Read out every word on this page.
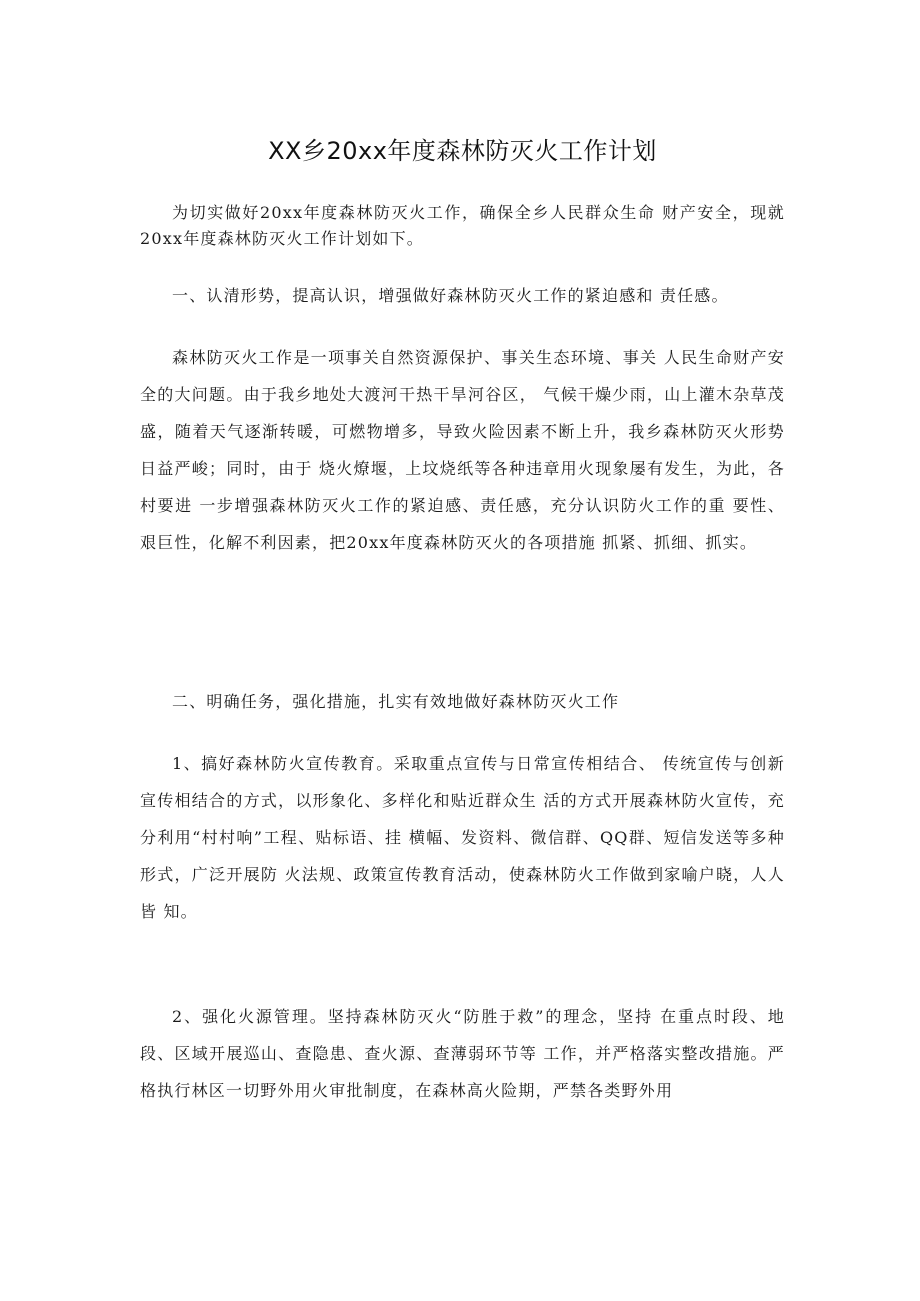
XX乡20xx年度森林防灭火工作计划

为切实做好20xx年度森林防灭火工作，确保全乡人民群众生命 财产安全，现就20xx年度森林防灭火工作计划如下。

一、认清形势，提高认识，增强做好森林防灭火工作的紧迫感和 责任感。

森林防灭火工作是一项事关自然资源保护、事关生态环境、事关 人民生命财产安全的大问题。由于我乡地处大渡河干热干旱河谷区， 气候干燥少雨，山上灌木杂草茂盛，随着天气逐渐转暖，可燃物增多，导致火险因素不断上升，我乡森林防灭火形势日益严峻；同时，由于 烧火燎堰，上坟烧纸等各种违章用火现象屡有发生，为此，各村要进 一步增强森林防灭火工作的紧迫感、责任感，充分认识防火工作的重 要性、艰巨性，化解不利因素，把20xx年度森林防灭火的各项措施 抓紧、抓细、抓实。

二、明确任务，强化措施，扎实有效地做好森林防灭火工作

1、搞好森林防火宣传教育。采取重点宣传与日常宣传相结合、 传统宣传与创新宣传相结合的方式，以形象化、多样化和贴近群众生 活的方式开展森林防火宣传，充分利用“村村响”工程、贴标语、挂 横幅、发资料、微信群、QQ群、短信发送等多种形式，广泛开展防 火法规、政策宣传教育活动，使森林防火工作做到家喻户晓，人人皆 知。

2、强化火源管理。坚持森林防灭火“防胜于救”的理念，坚持 在重点时段、地段、区域开展巡山、查隐患、查火源、查薄弱环节等 工作，并严格落实整改措施。严格执行林区一切野外用火审批制度，在森林高火险期，严禁各类野外用
